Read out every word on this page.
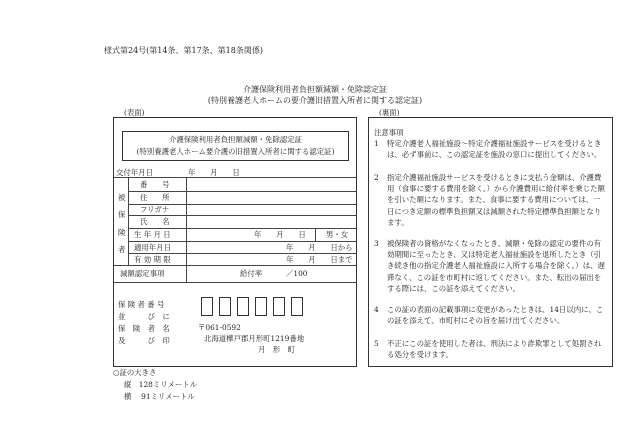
様式第24号(第14条、第17条、第18条関係)
介護保険利用者負担額減額・免除認定証
(特別養護老人ホームの要介護旧措置入所者に関する認定証)
(表面)	(裏面)
介護保険利用者負担額減額・免除認定証
(特別養護老人ホーム要介護の旧措置入所者に関する認定証)
交付年月日	年　　月　　日
被
保
険
者
番　　号
住　　所
フリガナ
氏　　名
生 年 月 日	年　　月　　日	男・女
適用年月日	年　　月　　日から
有 効 期 限	年　　月　　日まで
減額認定事項	給付率	／100
保 険 者 番 号
並　　　び　に
保　険　者　名
及　　　び　印
〒061-0592
北海道樺戸郡月形町1219番地
月　形　町
注意事項
1 特定介護老人福祉施設～特定介護福祉施設サービスを受けるときは、必ず事前に、この認定証を施設の窓口に提出してください。
2 指定介護福祉施設サービスを受けるときに支払う金額は、介護費用（食事に要する費用を除く。）から介護費用に給付率を乗じた額を引いた額になります。また、食事に要する費用については、一日につき定額の標準負担額又は減額された特定標準負担額となります。
3 被保険者の資格がなくなったとき、減額・免除の認定の要件の有効期間に至ったとき、又は特定老人福祉施設を退所したとき（引き続き他の指定介護老人福祉施設に入所する場合を除く。）は、遅滞なく、この証を市町村に返してください。また、転出の届出をする際には、この証を添えてください。
4 この証の表面の記載事項に変更があったときは、14日以内に、この証を添えて、市町村にその旨を届け出てください。
5 不正にこの証を使用した者は、刑法により詐欺罪として処罰される処分を受けます。
○証の大きさ
縦　128ミリメートル
横　 91ミリメートル
